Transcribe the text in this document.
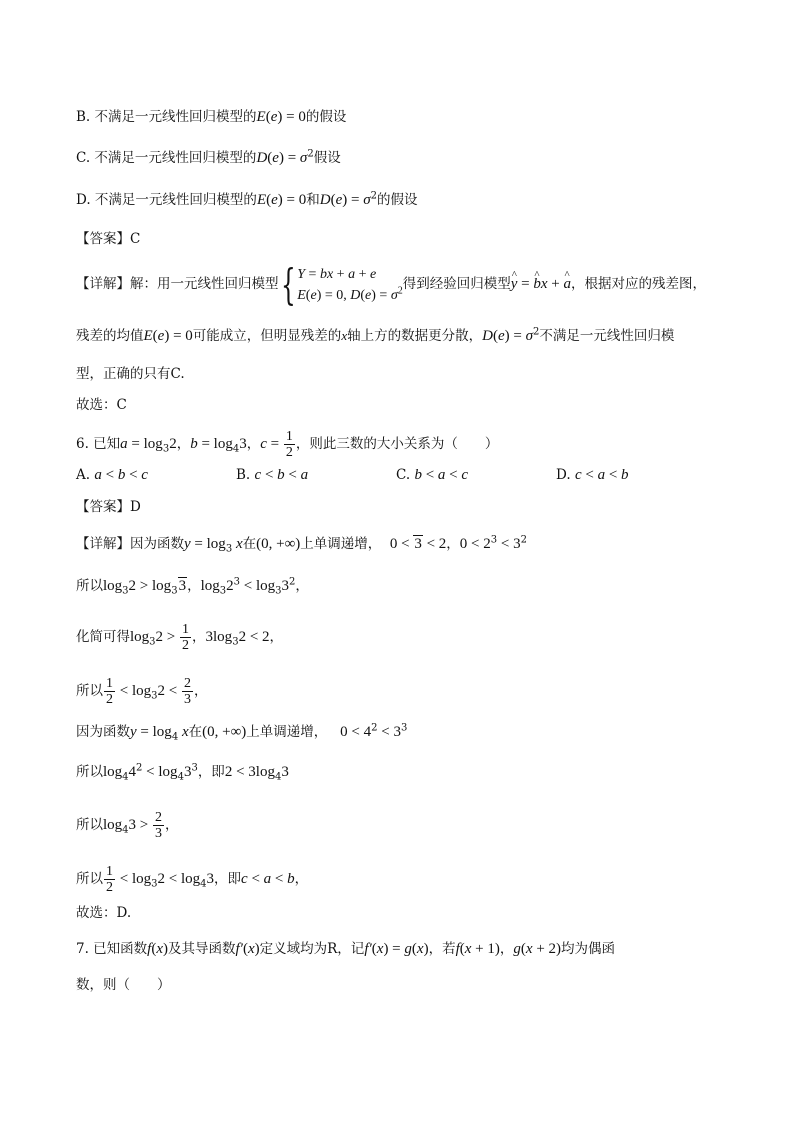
B. 不满足一元线性回归模型的E(e) = 0的假设
C. 不满足一元线性回归模型的$D(e) = \sigma^2$假设
D. 不满足一元线性回归模型的E(e) = 0和$D(e) = \sigma^2$的假设
【答案】C
【详解】解：用一元线性回归模型{ Y = bx + a + e
E(e) = 0, $D(e) = \sigma^2$得到经验回归模型^ y = ^ bx + ^ a，根据对应的残差图，
残差的均值E(e) = 0可能成立，但明显残差的x轴上方的数据更分散，$D(e) = \sigma^2$不满足一元线性回归模
型，正确的只有C.
故选：C
6. 已知$a = \log_32$，$b = \log_43$，$c = \frac{1}{2}$ ，则此三数的大小关系为（　　）
A. a < b < c	B. c < b < a	C. b < a < c	D. c < a < b
【答案】D
【详解】因为函数$y = \log_3 x$在(0, +∞)上单调递增， 0 < 3 < 2，$0 < 2^3 < 3^2$
所以$\log_32 > \log_33$，$\log_32^3 < \log_33^2$，
化简可得$\log_32 > \frac{1}{2}$ ，$3\log_32 < 2$，
所以 $\frac{1}{2} < \log_32 < \frac{2}{3}$ ，
因为函数$y = \log_4 x$在(0, +∞)上单调递增， $0 < 4^2 < 3^3$
所以$\log_44^2 < \log_43^3$，即$2 < 3\log_43$
所以$\log_43 > \frac{2}{3}$ ，
所以 $\frac{1}{2} < \log_32 < \log_43$，即c < a < b，
故选：D.
7. 已知函数f(x)及其导函数f′(x)定义域均为R，记f′(x) = g(x)，若f(x + 1)，g(x + 2)均为偶函
数，则（　　）
